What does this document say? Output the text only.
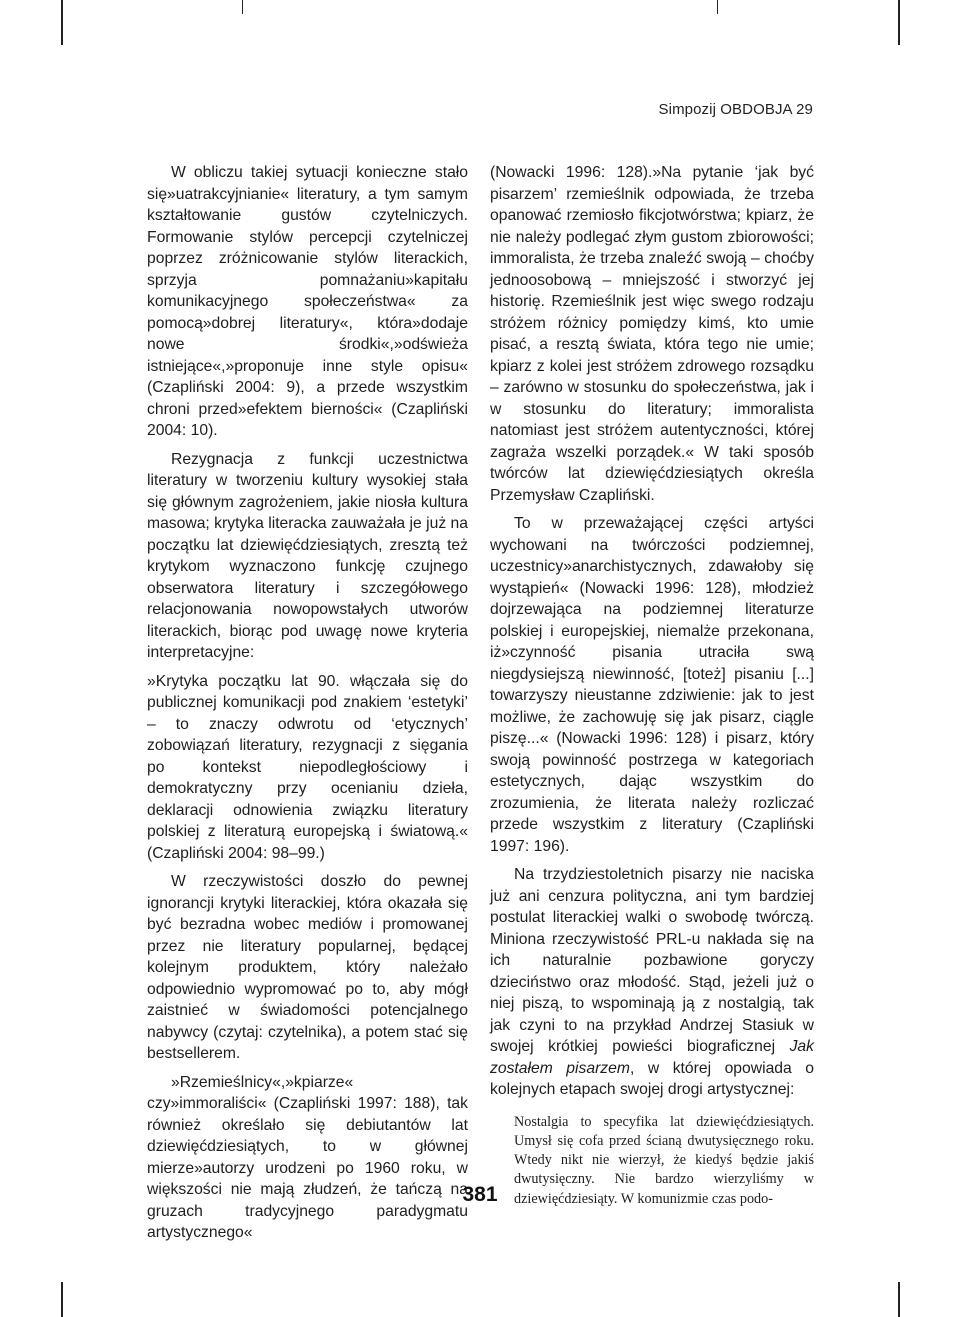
Simpozij OBDOBJA 29

W obliczu takiej sytuacji konieczne stało się»uatrakcyjnianie« literatury, a tym samym kształtowanie gustów czytelniczych. Formowanie stylów percepcji czytelniczej poprzez zróżnicowanie stylów literackich, sprzyja pomnażaniu»kapitału komunikacyjnego społeczeństwa« za pomocą»dobrej literatury«, która»dodaje nowe środki«,»odświeża istniejące«,»proponuje inne style opisu« (Czapliński 2004: 9), a przede wszystkim chroni przed»efektem bierności« (Czapliński 2004: 10).

Rezygnacja z funkcji uczestnictwa literatury w tworzeniu kultury wysokiej stała się głównym zagrożeniem, jakie niosła kultura masowa; krytyka literacka zauważała je już na początku lat dziewięćdziesiątych, zresztą też krytykom wyznaczono funkcję czujnego obserwatora literatury i szczegółowego relacjonowania nowopowstałych utworów literackich, biorąc pod uwagę nowe kryteria interpretacyjne:

»Krytyka początku lat 90. włączała się do publicznej komunikacji pod znakiem ‘estetyki’ – to znaczy odwrotu od ‘etycznych’ zobowiązań literatury, rezygnacji z sięgania po kontekst niepodległościowy i demokratyczny przy ocenianiu dzieła, deklaracji odnowienia związku literatury polskiej z literaturą europejską i światową.« (Czapliński 2004: 98–99.)

W rzeczywistości doszło do pewnej ignorancji krytyki literackiej, która okazała się być bezradna wobec mediów i promowanej przez nie literatury popularnej, będącej kolejnym produktem, który należało odpowiednio wypromować po to, aby mógł zaistnieć w świadomości potencjalnego nabywcy (czytaj: czytelnika), a potem stać się bestsellerem.

»Rzemieślnicy«,»kpiarze« czy»immoraliści« (Czapliński 1997: 188), tak również określało się debiutantów lat dziewięćdziesiątych, to w głównej mierze»autorzy urodzeni po 1960 roku, w większości nie mają złudzeń, że tańczą na gruzach tradycyjnego paradygmatu artystycznego«

(Nowacki 1996: 128).»Na pytanie ‘jak być pisarzem’ rzemieślnik odpowiada, że trzeba opanować rzemiosło fikcjotwórstwa; kpiarz, że nie należy podlegać złym gustom zbiorowości; immoralista, że trzeba znaleźć swoją – choćby jednoosobową – mniejszość i stworzyć jej historię. Rzemieślnik jest więc swego rodzaju stróżem różnicy pomiędzy kimś, kto umie pisać, a resztą świata, która tego nie umie; kpiarz z kolei jest stróżem zdrowego rozsądku – zarówno w stosunku do społeczeństwa, jak i w stosunku do literatury; immoralista natomiast jest stróżem autentyczności, której zagraża wszelki porządek.« W taki sposób twórców lat dziewięćdziesiątych określa Przemysław Czapliński.

To w przeważającej części artyści wychowani na twórczości podziemnej, uczestnicy»anarchistycznych, zdawałoby się wystąpień« (Nowacki 1996: 128), młodzież dojrzewająca na podziemnej literaturze polskiej i europejskiej, niemalże przekonana, iż»czynność pisania utraciła swą niegdysiejszą niewinność, [toteż] pisaniu [...] towarzyszy nieustanne zdziwienie: jak to jest możliwe, że zachowuję się jak pisarz, ciągle piszę...« (Nowacki 1996: 128) i pisarz, który swoją powinność postrzega w kategoriach estetycznych, dając wszystkim do zrozumienia, że literata należy rozliczać przede wszystkim z literatury (Czapliński 1997: 196).

Na trzydziestoletnich pisarzy nie naciska już ani cenzura polityczna, ani tym bardziej postulat literackiej walki o swobodę twórczą. Miniona rzeczywistość PRL-u nakłada się na ich naturalnie pozbawione goryczy dzieciństwo oraz młodość. Stąd, jeżeli już o niej piszą, to wspominają ją z nostalgią, tak jak czyni to na przykład Andrzej Stasiuk w swojej krótkiej powieści biograficznej Jak zostałem pisarzem, w której opowiada o kolejnych etapach swojej drogi artystycznej:

Nostalgia to specyfika lat dziewięćdziesiątych. Umysł się cofa przed ścianą dwutysięcznego roku. Wtedy nikt nie wierzył, że kiedyś będzie jakiś dwutysięczny. Nie bardzo wierzyliśmy w dziewięćdziesiąty. W komunizmie czas podo-
381
